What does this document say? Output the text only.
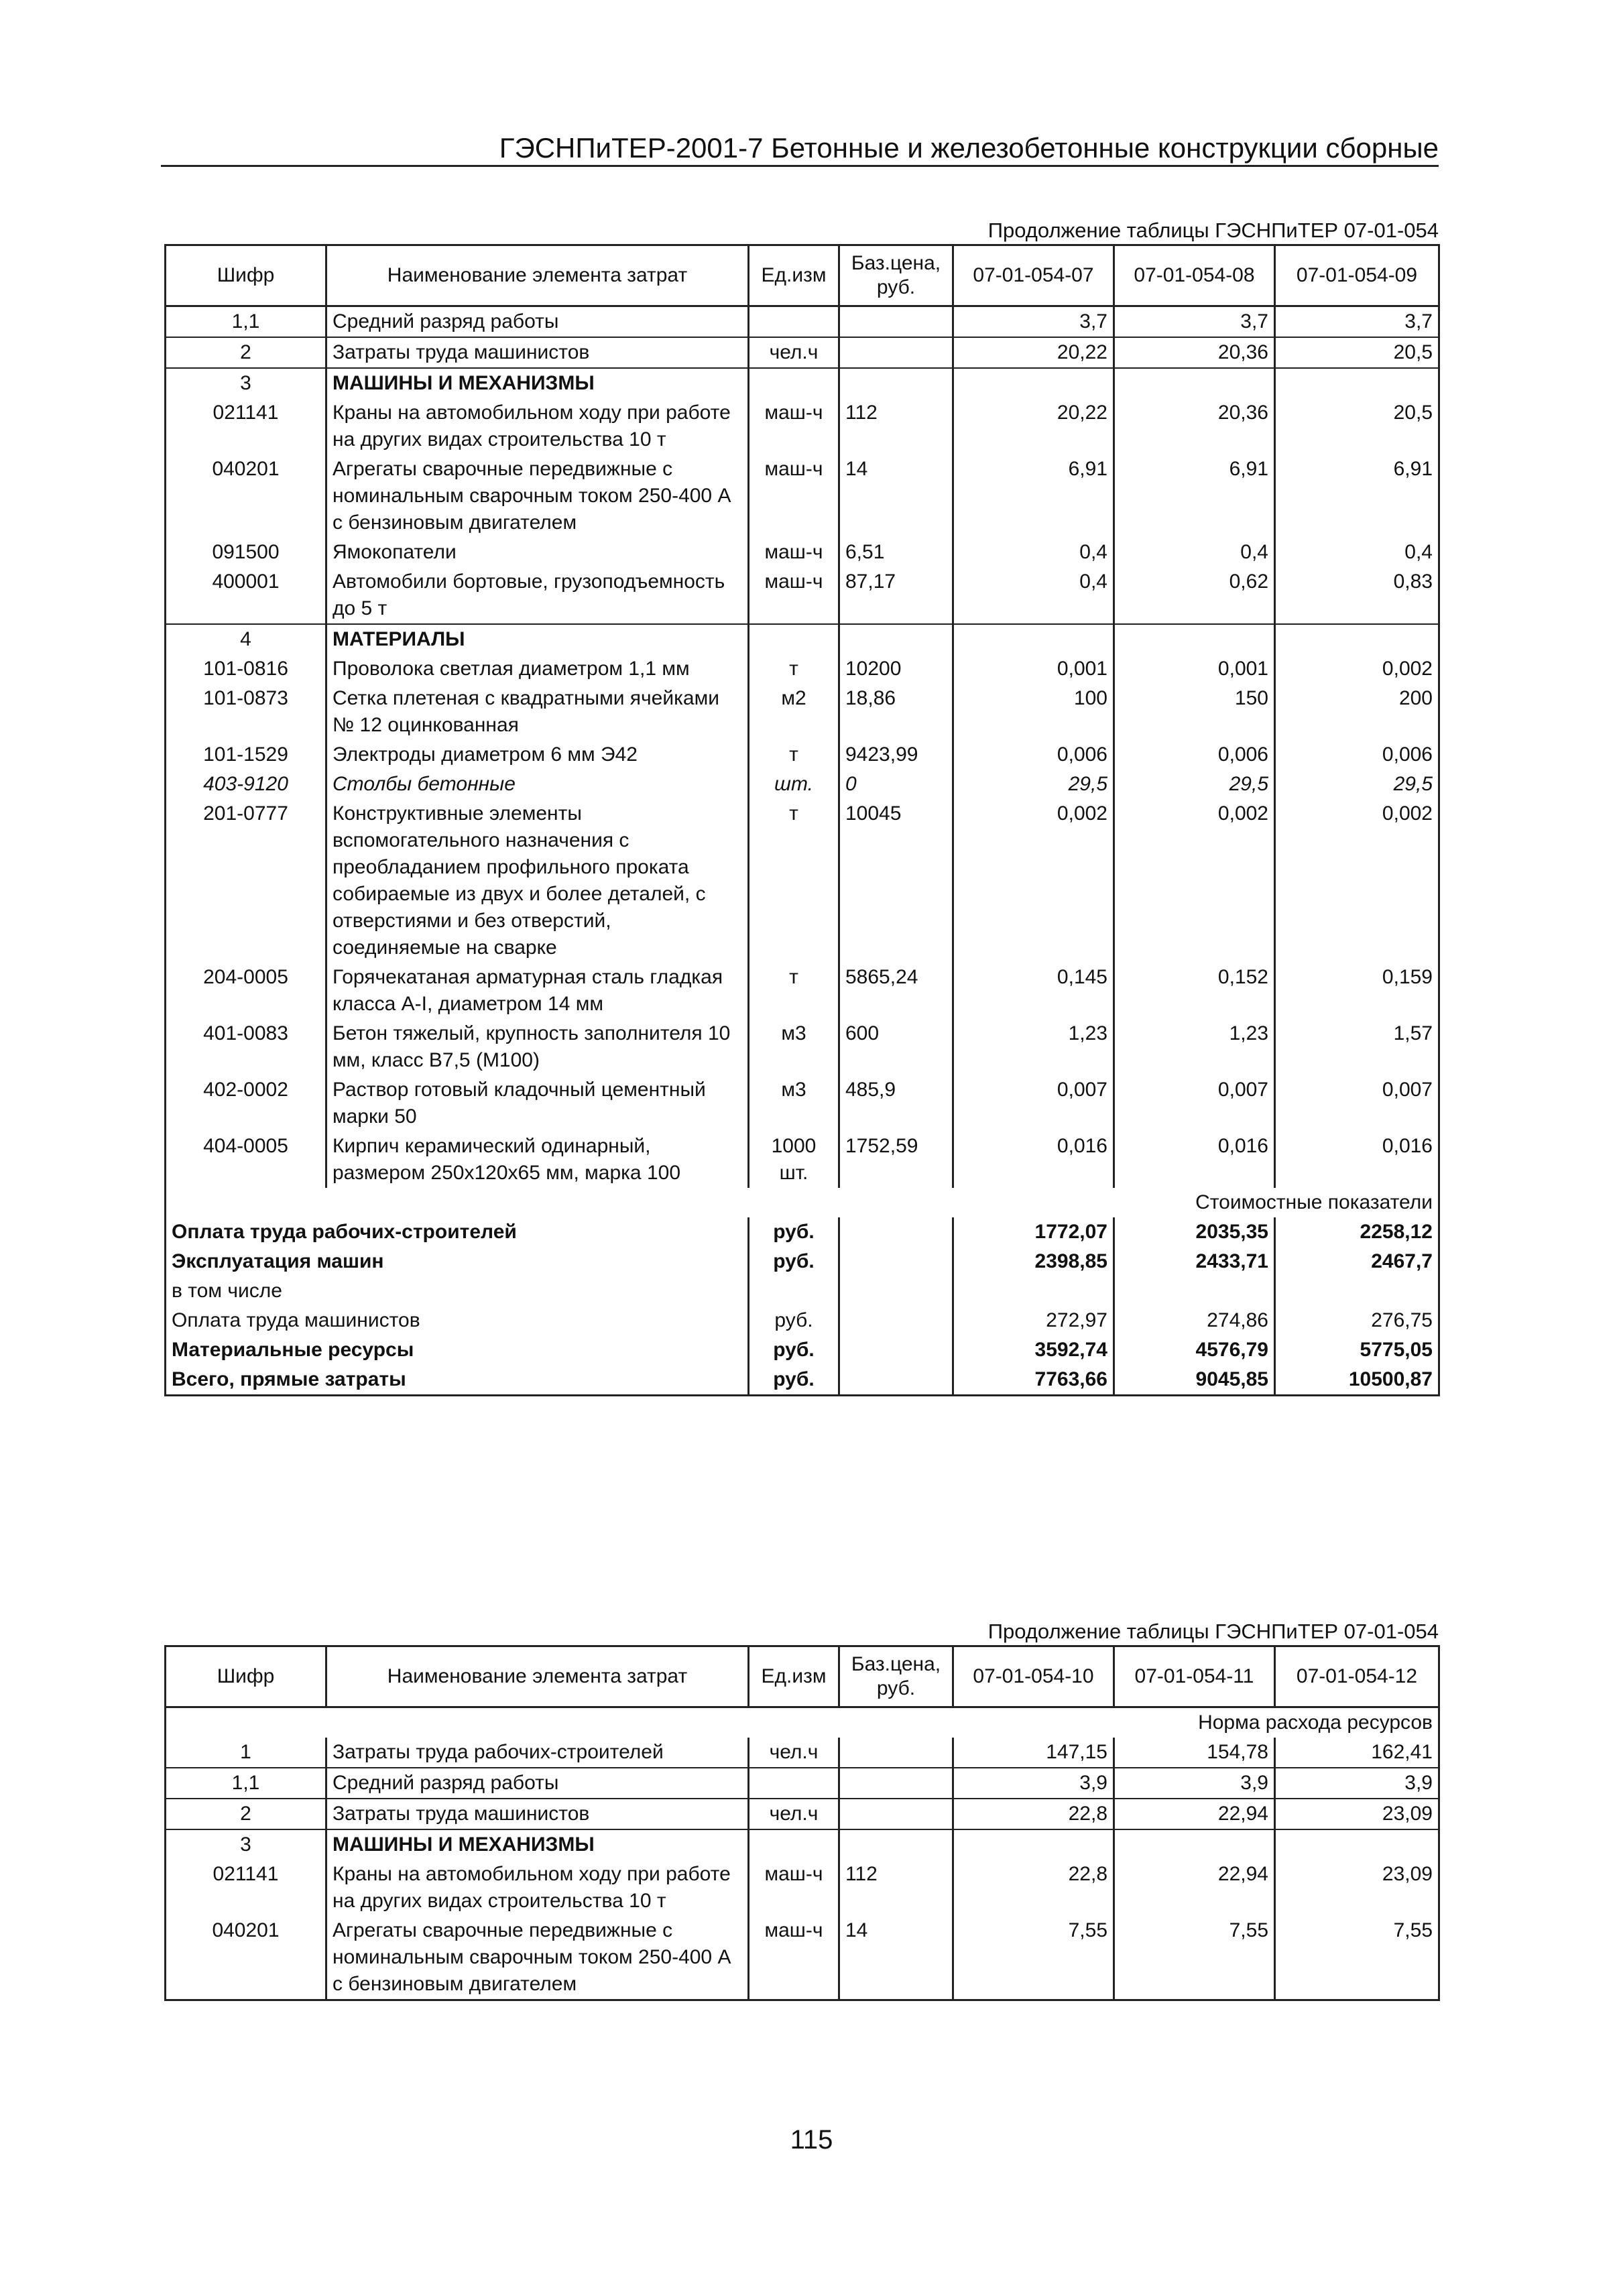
ГЭСНПиТЕР-2001-7 Бетонные и железобетонные конструкции сборные
Продолжение таблицы ГЭСНПиТЕР 07-01-054
Шифр	Наименование элемента затрат	Ед.изм	Баз.цена, руб.	07-01-054-07	07-01-054-08	07-01-054-09
1,1	Средний разряд работы			3,7	3,7	3,7
2	Затраты труда машинистов	чел.ч		20,22	20,36	20,5
3	МАШИНЫ И МЕХАНИЗМЫ					
021141	Краны на автомобильном ходу при работе на других видах строительства 10 т	маш-ч	112	20,22	20,36	20,5
040201	Агрегаты сварочные передвижные с номинальным сварочным током 250-400 А с бензиновым двигателем	маш-ч	14	6,91	6,91	6,91
091500	Ямокопатели	маш-ч	6,51	0,4	0,4	0,4
400001	Автомобили бортовые, грузоподъемность до 5 т	маш-ч	87,17	0,4	0,62	0,83
4	МАТЕРИАЛЫ					
101-0816	Проволока светлая диаметром 1,1 мм	т	10200	0,001	0,001	0,002
101-0873	Сетка плетеная с квадратными ячейками № 12 оцинкованная	м2	18,86	100	150	200
101-1529	Электроды диаметром 6 мм Э42	т	9423,99	0,006	0,006	0,006
403-9120	Столбы бетонные	шт.	0	29,5	29,5	29,5
201-0777	Конструктивные элементы вспомогательного назначения с преобладанием профильного проката собираемые из двух и более деталей, с отверстиями и без отверстий, соединяемые на сварке	т	10045	0,002	0,002	0,002
204-0005	Горячекатаная арматурная сталь гладкая класса А-I, диаметром 14 мм	т	5865,24	0,145	0,152	0,159
401-0083	Бетон тяжелый, крупность заполнителя 10 мм, класс В7,5 (М100)	м3	600	1,23	1,23	1,57
402-0002	Раствор готовый кладочный цементный марки 50	м3	485,9	0,007	0,007	0,007
404-0005	Кирпич керамический одинарный, размером 250х120х65 мм, марка 100	1000 шт.	1752,59	0,016	0,016	0,016
Стоимостные показатели						
Оплата труда рабочих-строителей		руб.		1772,07	2035,35	2258,12
Эксплуатация машин		руб.		2398,85	2433,71	2467,7
в том числе						
Оплата труда машинистов		руб.		272,97	274,86	276,75
Материальные ресурсы		руб.		3592,74	4576,79	5775,05
Всего, прямые затраты		руб.		7763,66	9045,85	10500,87
Продолжение таблицы ГЭСНПиТЕР 07-01-054
Шифр	Наименование элемента затрат	Ед.изм	Баз.цена, руб.	07-01-054-10	07-01-054-11	07-01-054-12
Норма расхода ресурсов						
1	Затраты труда рабочих-строителей	чел.ч		147,15	154,78	162,41
1,1	Средний разряд работы			3,9	3,9	3,9
2	Затраты труда машинистов	чел.ч		22,8	22,94	23,09
3	МАШИНЫ И МЕХАНИЗМЫ					
021141	Краны на автомобильном ходу при работе на других видах строительства 10 т	маш-ч	112	22,8	22,94	23,09
040201	Агрегаты сварочные передвижные с номинальным сварочным током 250-400 А с бензиновым двигателем	маш-ч	14	7,55	7,55	7,55
115
